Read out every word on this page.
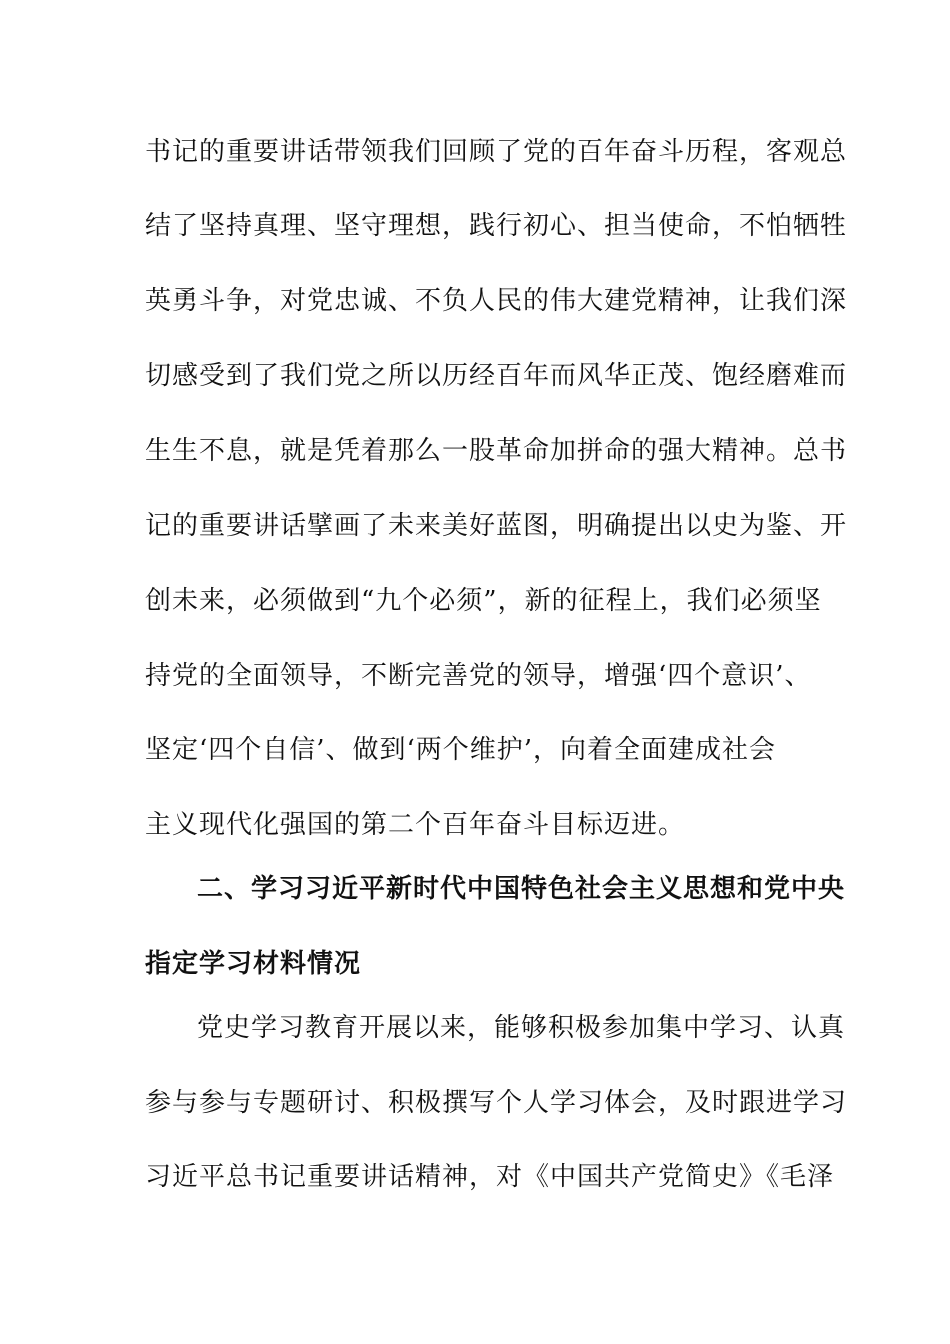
书记的重要讲话带领我们回顾了党的百年奋斗历程，客观总
结了坚持真理、坚守理想，践行初心、担当使命，不怕牺牲
英勇斗争，对党忠诚、不负人民的伟大建党精神，让我们深
切感受到了我们党之所以历经百年而风华正茂、饱经磨难而
生生不息，就是凭着那么一股革命加拼命的强大精神。总书
记的重要讲话擘画了未来美好蓝图，明确提出以史为鉴、开
创未来，必须做到“九个必须”，新的征程上，我们必须坚
持党的全面领导，不断完善党的领导，增强‘四个意识’、
坚定‘四个自信’、做到‘两个维护’，向着全面建成社会
主义现代化强国的第二个百年奋斗目标迈进。
二、学习习近平新时代中国特色社会主义思想和党中央
指定学习材料情况
党史学习教育开展以来，能够积极参加集中学习、认真
参与参与专题研讨、积极撰写个人学习体会，及时跟进学习
习近平总书记重要讲话精神，对《中国共产党简史》《毛泽
